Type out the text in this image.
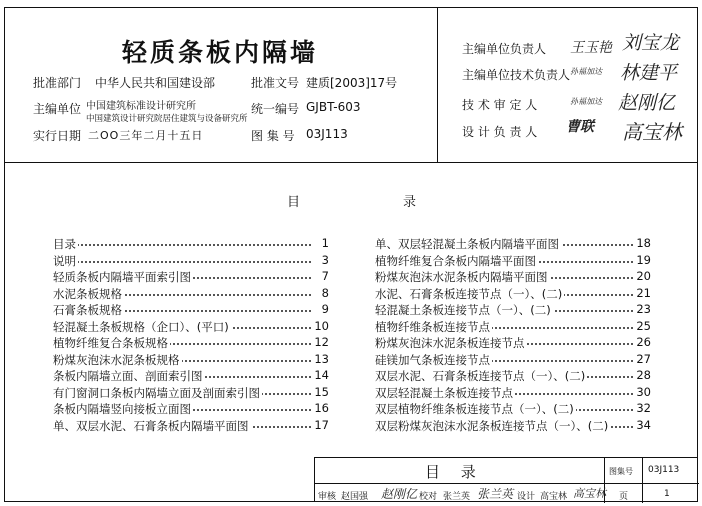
轻质条板内隔墙
批准部门 中华人民共和国建设部	批准文号 建质[2003]17号
主编单位 中国建筑标准设计研究所
中国建筑设计研究院居住建筑与设备研究所
统一编号 GJBT-603
实行日期 二OO三年二月十五日	图 集 号 03J113
主编单位负责人 王玉艳 刘宝龙
主编单位技术负责人 孙福加达 林建平
技 术 审 定 人	孙福加达 赵刚亿
设 计 负 责 人 曹联 高宝林
目	录
目录	1
说明	3
轻质条板内隔墙平面索引图	7
水泥条板规格	8
石膏条板规格	9
轻混凝土条板规格（企口）、(平口)	10
植物纤维复合条板规格	12
粉煤灰泡沫水泥条板规格	13
条板内隔墙立面、剖面索引图	14
有门窗洞口条板内隔墙立面及剖面索引图	15
条板内隔墙竖向接板立面图	16
单、双层水泥、石膏条板内隔墙平面图	17
单、双层轻混凝土条板内隔墙平面图	18
植物纤维复合条板内隔墙平面图	19
粉煤灰泡沫水泥条板内隔墙平面图	20
水泥、石膏条板连接节点（一）、(二)	21
轻混凝土条板连接节点（一）、(二)	23
植物纤维条板连接节点	25
粉煤灰泡沫水泥条板连接节点	26
硅镁加气条板连接节点	27
双层水泥、石膏条板连接节点（一）、(二)	28
双层轻混凝土条板连接节点	30
双层植物纤维条板连接节点（一）、(二)	32
双层粉煤灰泡沫水泥条板连接节点（一）、(二) 34
目 录	图集号 03J113
审核 赵国强 赵刚亿 校对 张兰英 张兰英 设计 高宝林 高宝林 页	1
